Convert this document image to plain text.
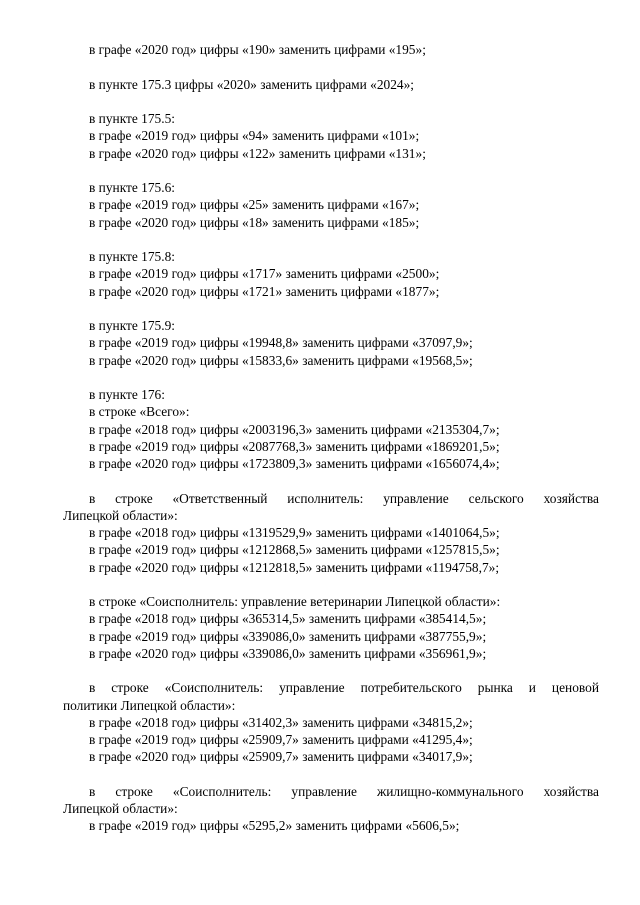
в графе «2020 год» цифры «190» заменить цифрами «195»;
в пункте 175.3 цифры «2020» заменить цифрами «2024»;
в пункте 175.5:
в графе «2019 год» цифры «94» заменить цифрами «101»;
в графе «2020 год» цифры «122» заменить цифрами «131»;
в пункте 175.6:
в графе «2019 год» цифры «25» заменить цифрами «167»;
в графе «2020 год» цифры «18» заменить цифрами «185»;
в пункте 175.8:
в графе «2019 год» цифры «1717» заменить цифрами «2500»;
в графе «2020 год» цифры «1721» заменить цифрами «1877»;
в пункте 175.9:
в графе «2019 год» цифры «19948,8» заменить цифрами «37097,9»;
в графе «2020 год» цифры «15833,6» заменить цифрами «19568,5»;
в пункте 176:
в строке «Всего»:
в графе «2018 год» цифры «2003196,3» заменить цифрами «2135304,7»;
в графе «2019 год» цифры «2087768,3» заменить цифрами «1869201,5»;
в графе «2020 год» цифры «1723809,3» заменить цифрами «1656074,4»;
в строке «Ответственный исполнитель: управление сельского хозяйства
Липецкой области»:
в графе «2018 год» цифры «1319529,9» заменить цифрами «1401064,5»;
в графе «2019 год» цифры «1212868,5» заменить цифрами «1257815,5»;
в графе «2020 год» цифры «1212818,5» заменить цифрами «1194758,7»;
в строке «Соисполнитель: управление ветеринарии Липецкой области»:
в графе «2018 год» цифры «365314,5» заменить цифрами «385414,5»;
в графе «2019 год» цифры «339086,0» заменить цифрами «387755,9»;
в графе «2020 год» цифры «339086,0» заменить цифрами «356961,9»;
в строке «Соисполнитель: управление потребительского рынка и ценовой
политики Липецкой области»:
в графе «2018 год» цифры «31402,3» заменить цифрами «34815,2»;
в графе «2019 год» цифры «25909,7» заменить цифрами «41295,4»;
в графе «2020 год» цифры «25909,7» заменить цифрами «34017,9»;
в строке «Соисполнитель: управление жилищно-коммунального хозяйства
Липецкой области»:
в графе «2019 год» цифры «5295,2» заменить цифрами «5606,5»;
